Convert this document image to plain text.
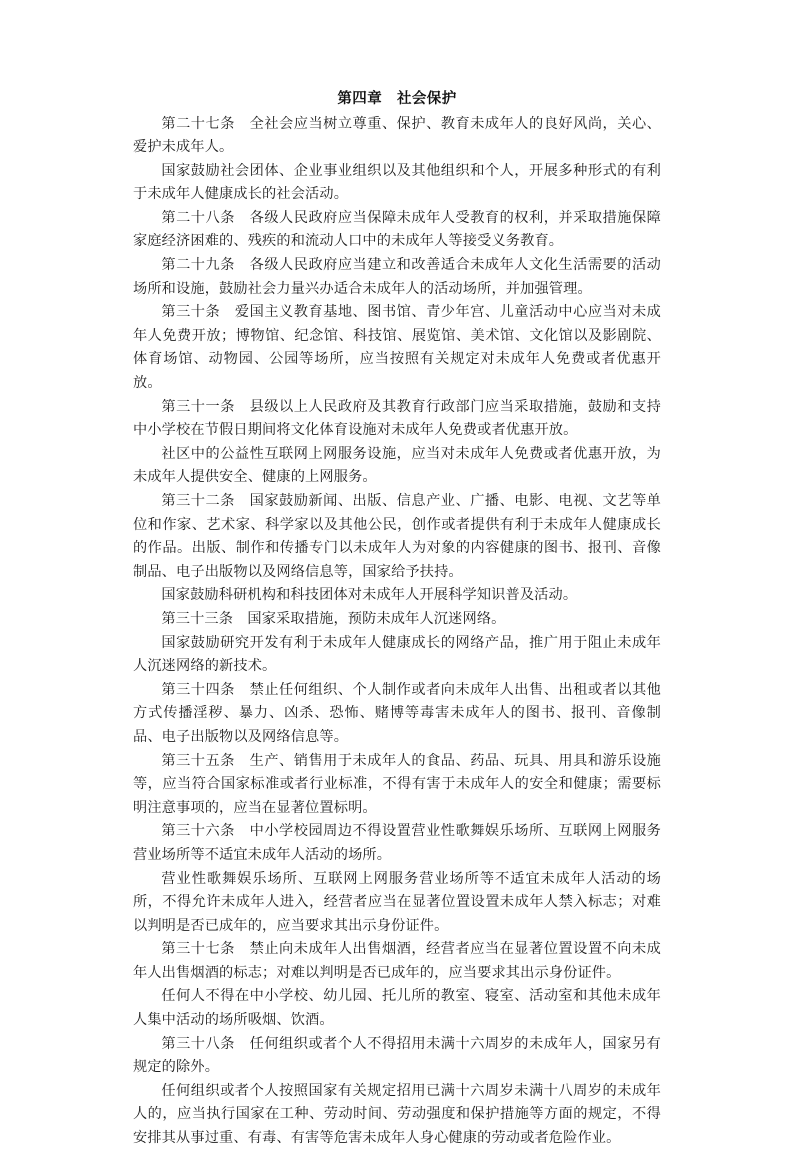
第四章　社会保护

第二十七条　全社会应当树立尊重、保护、教育未成年人的良好风尚，关心、爱护未成年人。

国家鼓励社会团体、企业事业组织以及其他组织和个人，开展多种形式的有利于未成年人健康成长的社会活动。

第二十八条　各级人民政府应当保障未成年人受教育的权利，并采取措施保障家庭经济困难的、残疾的和流动人口中的未成年人等接受义务教育。

第二十九条　各级人民政府应当建立和改善适合未成年人文化生活需要的活动场所和设施，鼓励社会力量兴办适合未成年人的活动场所，并加强管理。

第三十条　爱国主义教育基地、图书馆、青少年宫、儿童活动中心应当对未成年人免费开放；博物馆、纪念馆、科技馆、展览馆、美术馆、文化馆以及影剧院、体育场馆、动物园、公园等场所，应当按照有关规定对未成年人免费或者优惠开放。

第三十一条　县级以上人民政府及其教育行政部门应当采取措施，鼓励和支持中小学校在节假日期间将文化体育设施对未成年人免费或者优惠开放。

社区中的公益性互联网上网服务设施，应当对未成年人免费或者优惠开放，为未成年人提供安全、健康的上网服务。

第三十二条　国家鼓励新闻、出版、信息产业、广播、电影、电视、文艺等单位和作家、艺术家、科学家以及其他公民，创作或者提供有利于未成年人健康成长的作品。出版、制作和传播专门以未成年人为对象的内容健康的图书、报刊、音像制品、电子出版物以及网络信息等，国家给予扶持。

国家鼓励科研机构和科技团体对未成年人开展科学知识普及活动。

第三十三条　国家采取措施，预防未成年人沉迷网络。

国家鼓励研究开发有利于未成年人健康成长的网络产品，推广用于阻止未成年人沉迷网络的新技术。

第三十四条　禁止任何组织、个人制作或者向未成年人出售、出租或者以其他方式传播淫秽、暴力、凶杀、恐怖、赌博等毒害未成年人的图书、报刊、音像制品、电子出版物以及网络信息等。

第三十五条　生产、销售用于未成年人的食品、药品、玩具、用具和游乐设施等，应当符合国家标准或者行业标准，不得有害于未成年人的安全和健康；需要标明注意事项的，应当在显著位置标明。

第三十六条　中小学校园周边不得设置营业性歌舞娱乐场所、互联网上网服务营业场所等不适宜未成年人活动的场所。

营业性歌舞娱乐场所、互联网上网服务营业场所等不适宜未成年人活动的场所，不得允许未成年人进入，经营者应当在显著位置设置未成年人禁入标志；对难以判明是否已成年的，应当要求其出示身份证件。

第三十七条　禁止向未成年人出售烟酒，经营者应当在显著位置设置不向未成年人出售烟酒的标志；对难以判明是否已成年的，应当要求其出示身份证件。

任何人不得在中小学校、幼儿园、托儿所的教室、寝室、活动室和其他未成年人集中活动的场所吸烟、饮酒。

第三十八条　任何组织或者个人不得招用未满十六周岁的未成年人，国家另有规定的除外。

任何组织或者个人按照国家有关规定招用已满十六周岁未满十八周岁的未成年人的，应当执行国家在工种、劳动时间、劳动强度和保护措施等方面的规定，不得安排其从事过重、有毒、有害等危害未成年人身心健康的劳动或者危险作业。
